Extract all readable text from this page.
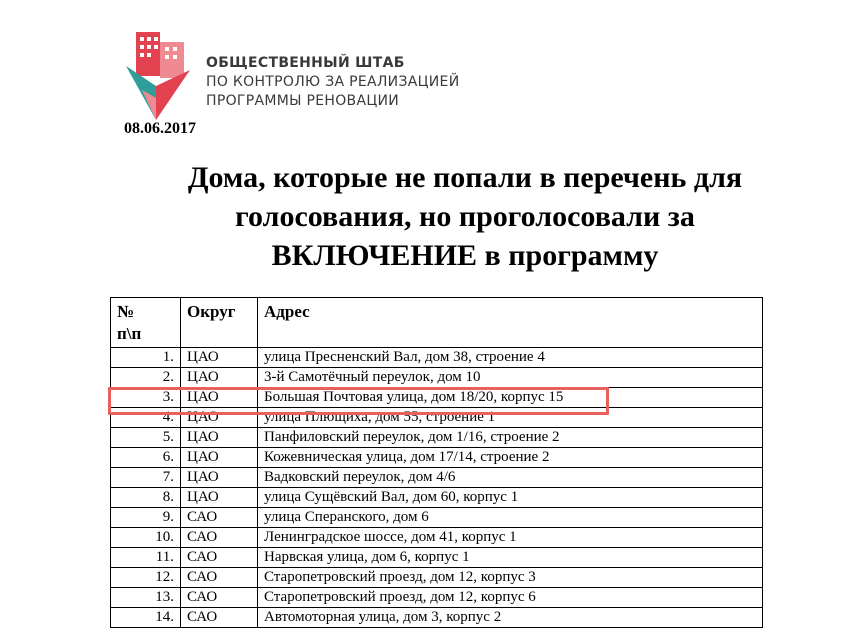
ОБЩЕСТВЕННЫЙ ШТАБ
ПО КОНТРОЛЮ ЗА РЕАЛИЗАЦИЕЙ
ПРОГРАММЫ РЕНОВАЦИИ
08.06.2017
Дома, которые не попали в перечень для
голосования, но проголосовали за
ВКЛЮЧЕНИЕ в программу
№
п\п	Округ	Адрес
1.	ЦАО	улица Пресненский Вал, дом 38, строение 4
2.	ЦАО	3-й Самотёчный переулок, дом 10
3.	ЦАО	Большая Почтовая улица, дом 18/20, корпус 15
4.	ЦАО	улица Плющиха, дом 55, строение 1
5.	ЦАО	Панфиловский переулок, дом 1/16, строение 2
6.	ЦАО	Кожевническая улица, дом 17/14, строение 2
7.	ЦАО	Вадковский переулок, дом 4/6
8.	ЦАО	улица Сущёвский Вал, дом 60, корпус 1
9.	САО	улица Сперанского, дом 6
10.	САО	Ленинградское шоссе, дом 41, корпус 1
11.	САО	Нарвская улица, дом 6, корпус 1
12.	САО	Старопетровский проезд, дом 12, корпус 3
13.	САО	Старопетровский проезд, дом 12, корпус 6
14.	САО	Автомоторная улица, дом 3, корпус 2
